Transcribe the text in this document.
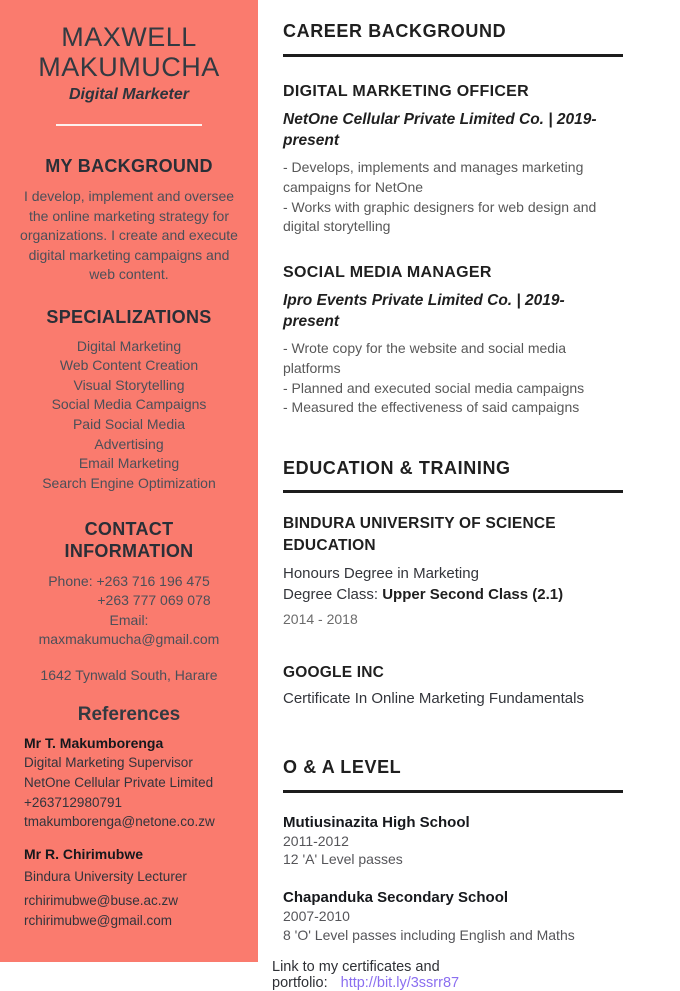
MAXWELL
MAKUMUCHA
Digital Marketer
MY BACKGROUND

I develop, implement and oversee the online marketing strategy for organizations. I create and execute digital marketing campaigns and web content.

SPECIALIZATIONS
Digital Marketing
Web Content Creation
Visual Storytelling
Social Media Campaigns
Paid Social Media
Advertising
Email Marketing
Search Engine Optimization
CONTACT INFORMATION
Phone: +263 716 196 475
+263 777 069 078
Email:
maxmakumucha@gmail.com
1642 Tynwald South, Harare
References
Mr T. Makumborenga
Digital Marketing Supervisor
NetOne Cellular Private Limited
+263712980791
tmakumborenga@netone.co.zw
Mr R. Chirimubwe
Bindura University Lecturer
rchirimubwe@buse.ac.zw
rchirimubwe@gmail.com
CAREER BACKGROUND
DIGITAL MARKETING OFFICER
NetOne Cellular Private Limited Co. | 2019- present
- Develops, implements and manages marketing campaigns for NetOne
- Works with graphic designers for web design and digital storytelling
SOCIAL MEDIA MANAGER
Ipro Events Private Limited Co. | 2019- present
- Wrote copy for the website and social media platforms
- Planned and executed social media campaigns
- Measured the effectiveness of said campaigns
EDUCATION & TRAINING
BINDURA UNIVERSITY OF SCIENCE EDUCATION
Honours Degree in Marketing
Degree Class: Upper Second Class (2.1)
2014 - 2018
GOOGLE INC
Certificate In Online Marketing Fundamentals
O & A LEVEL
Mutiusinazita High School
2011-2012
12 'A' Level passes
Chapanduka Secondary School
2007-2010
8 'O' Level passes including English and Maths
Link to my certificates and portfolio: http://bit.ly/3ssrr87
